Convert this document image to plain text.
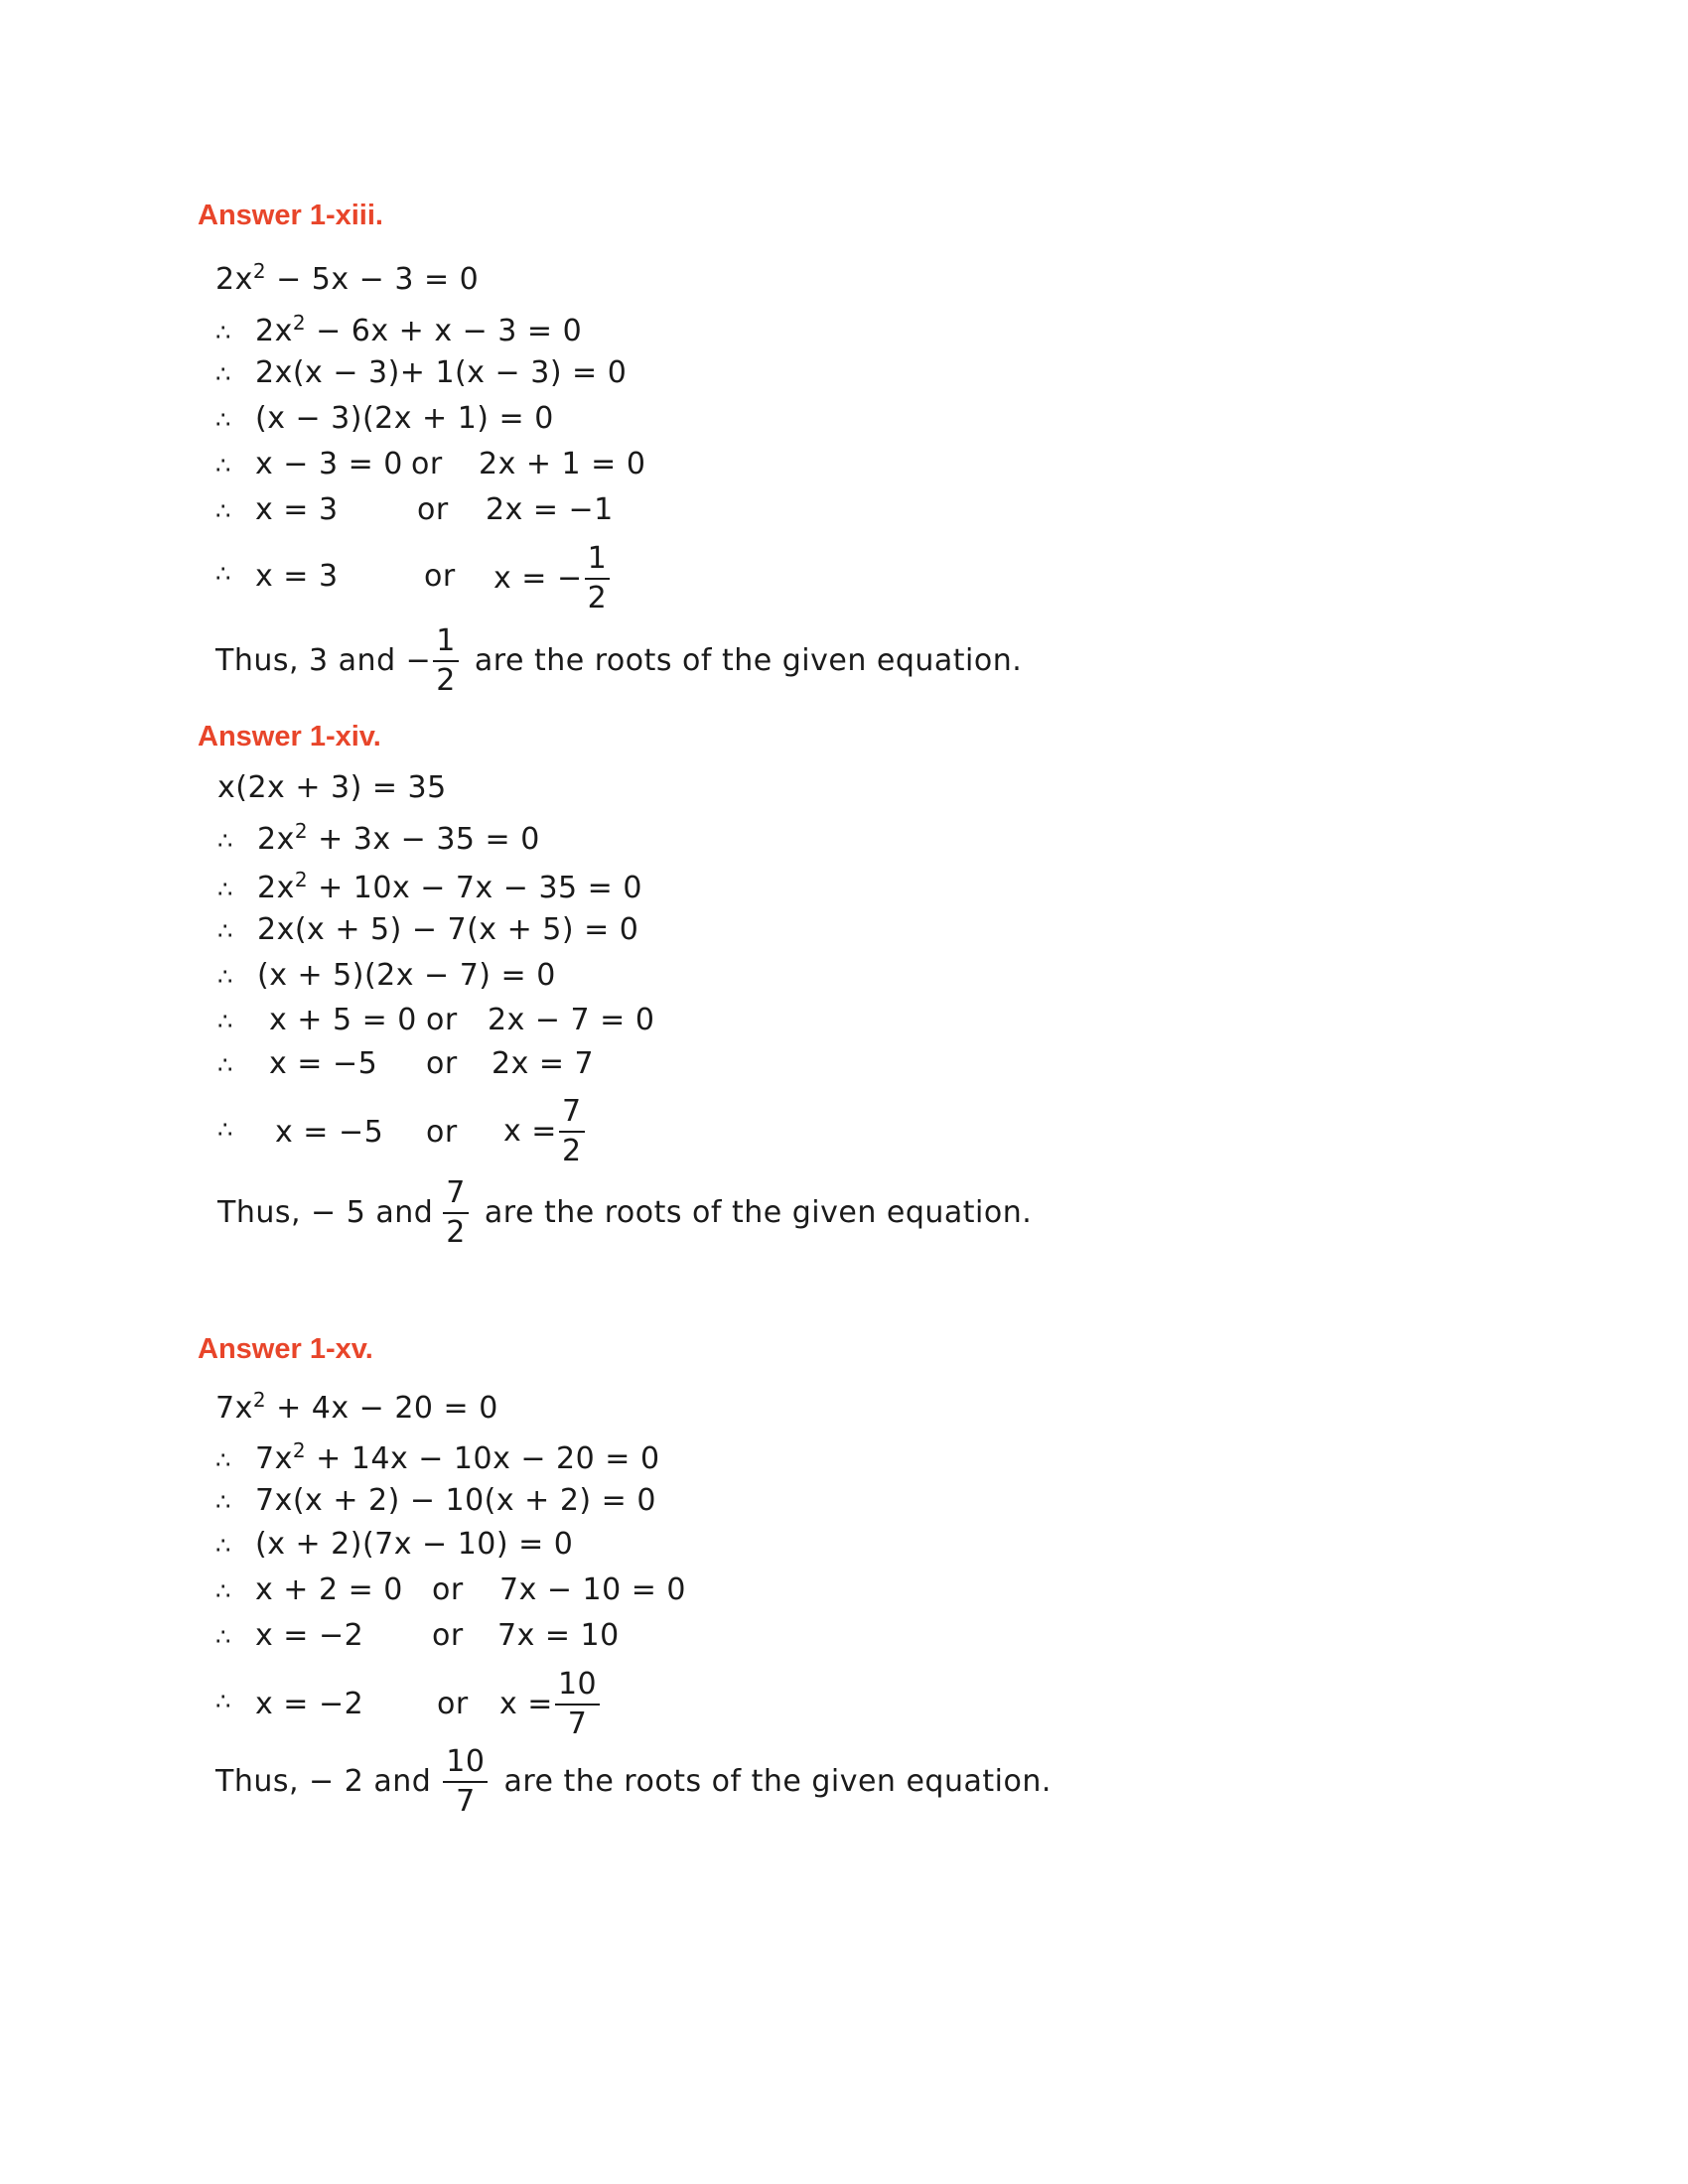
Answer 1-xiii.
$2x^2 - 5x - 3 = 0$
∴ $2x^2 - 6x + x - 3 = 0$
∴ 2x(x − 3)+ 1(x − 3) = 0
∴ (x − 3)(2x + 1) = 0
∴ x − 3 = 0 or 2x + 1 = 0
∴ x = 3	or 2x = −1
∴ x = 3	or x = − $\frac{1}{2}$
Thus, 3 and − $\frac{1}{2}$ are the roots of the given equation.
Answer 1-xiv.
x(2x + 3) = 35
∴ $2x^2 + 3x - 35 = 0$
∴ $2x^2 + 10x - 7x - 35 = 0$
∴ 2x(x + 5) − 7(x + 5) = 0
∴ (x + 5)(2x − 7) = 0
∴ x + 5 = 0 or 2x − 7 = 0
∴ x = −5 or 2x = 7
∴ x = −5 or $x = \frac{7}{2}$
Thus, − 5 and $\frac{7}{2}$ are the roots of the given equation.
Answer 1-xv.
$7x^2 + 4x - 20 = 0$
∴ $7x^2 + 14x - 10x - 20 = 0$
∴ 7x(x + 2) − 10(x + 2) = 0
∴ (x + 2)(7x − 10) = 0
∴ x + 2 = 0 or 7x − 10 = 0
∴ x = −2 or 7x = 10
∴ x = −2 or $x = \frac{10}{7}$
Thus, − 2 and $\frac{10}{7}$ are the roots of the given equation.
